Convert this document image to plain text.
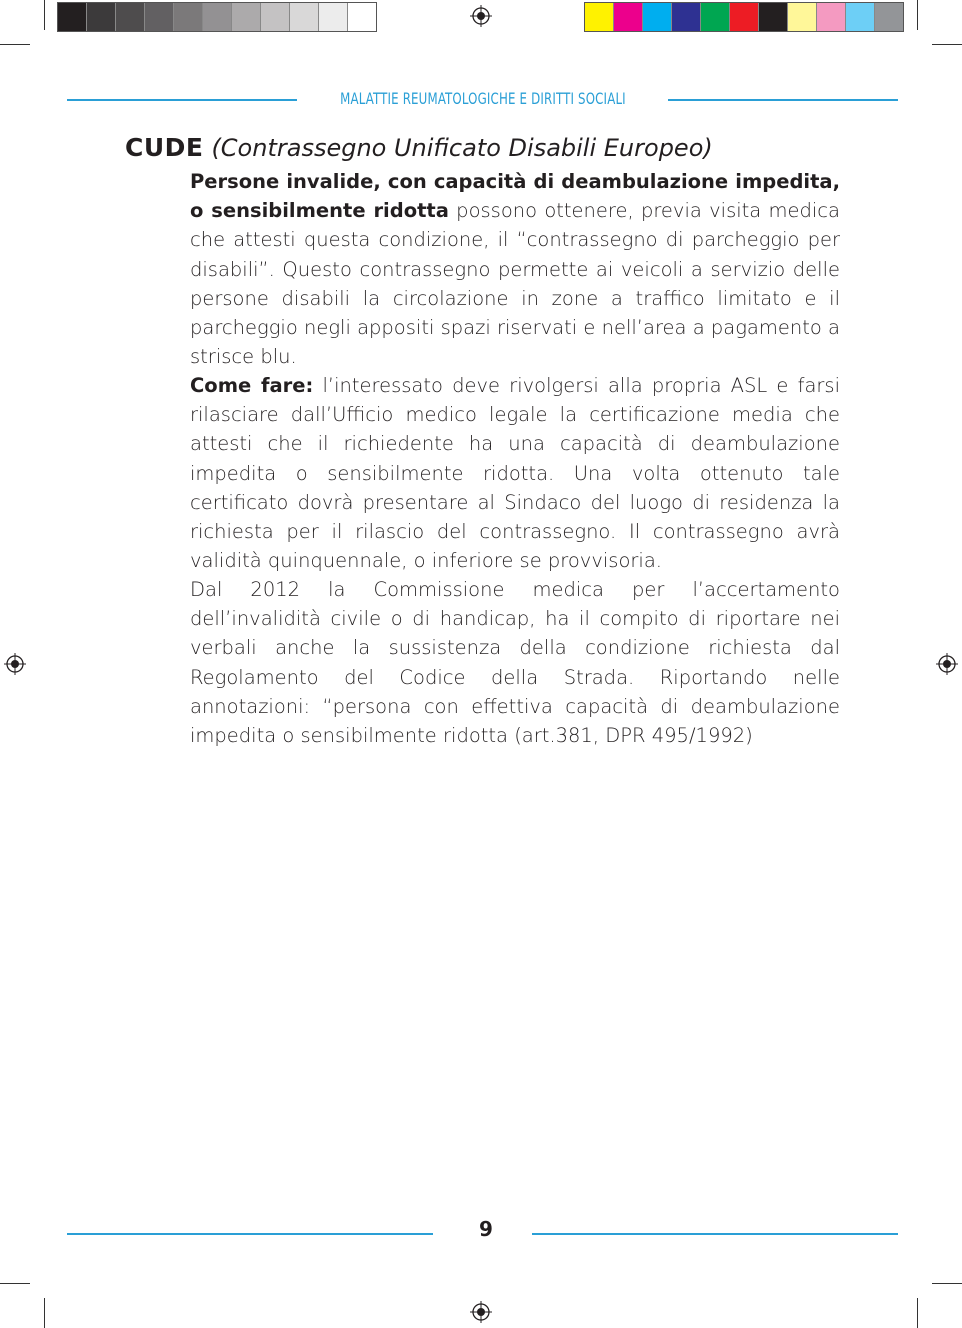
MALATTIE REUMATOLOGICHE E DIRITTI SOCIALI
CUDE (Contrassegno Unificato Disabili Europeo)

Persone invalide, con capacità di deambulazione impedita, o sensibilmente ridotta possono ottenere, previa visita medica che attesti questa condizione, il “contrassegno di parcheggio per disabili”. Questo contrassegno permette ai veicoli a servizio delle persone disabili la circolazione in zone a traffico limitato e il parcheggio negli appositi spazi riservati e nell’area a pagamento a strisce blu.

Come fare: l’interessato deve rivolgersi alla propria ASL e farsi rilasciare dall’Ufficio medico legale la certificazione media che attesti che il richiedente ha una capacità di deambulazione impedita o sensibilmente ridotta. Una volta ottenuto tale certificato dovrà presentare al Sindaco del luogo di residenza la richiesta per il rilascio del contrassegno. Il contrassegno avrà validità quinquennale, o inferiore se provvisoria.

Dal 2012 la Commissione medica per l’accertamento dell’invalidità civile o di handicap, ha il compito di riportare nei verbali anche la sussistenza della condizione richiesta dal Regolamento del Codice della Strada. Riportando nelle annotazioni: “persona con effettiva capacità di deambulazione impedita o sensibilmente ridotta (art.381, DPR 495/1992)

9
